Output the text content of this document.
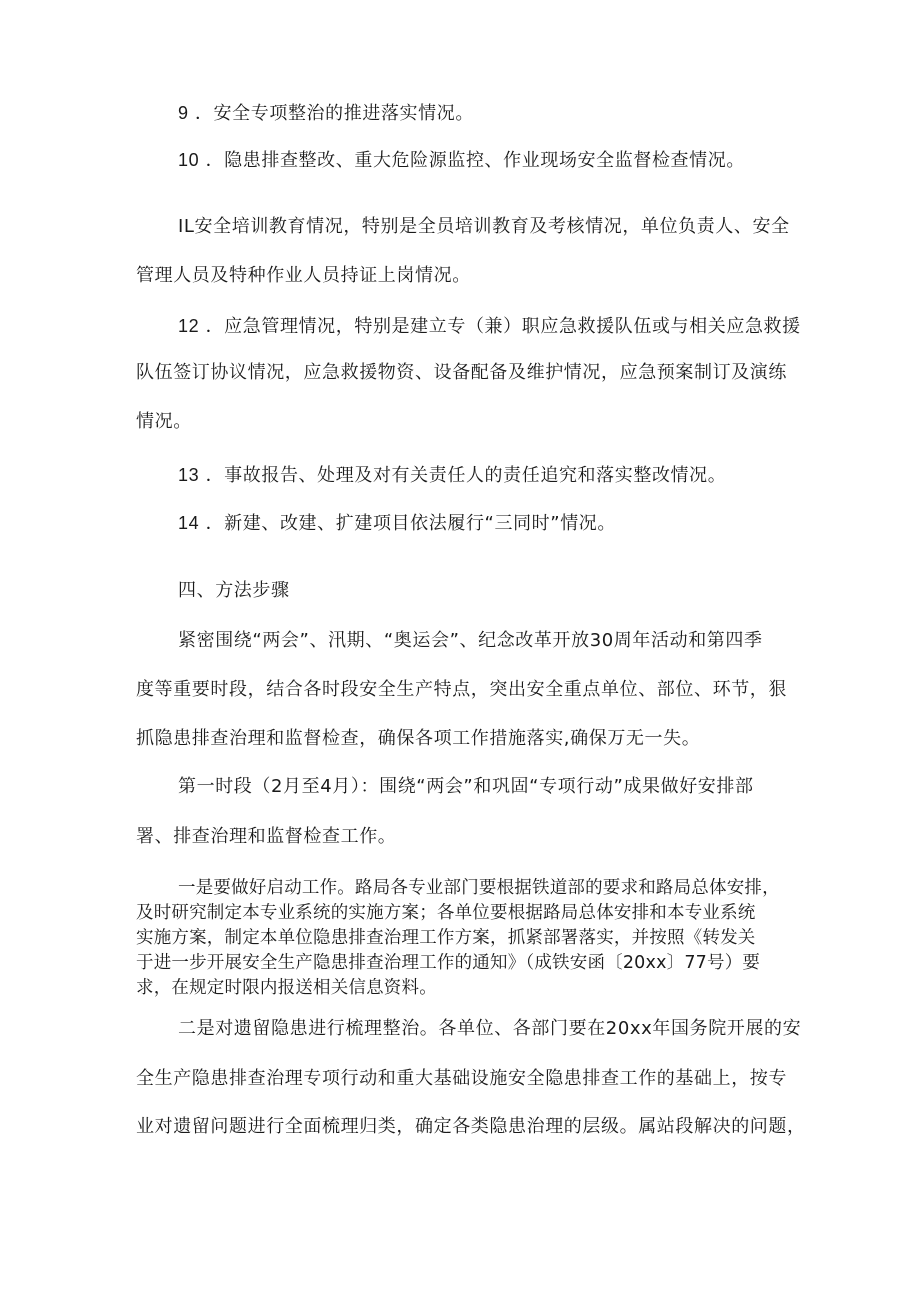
9 ．安全专项整治的推进落实情况。
10 ．隐患排查整改、重大危险源监控、作业现场安全监督检查情况。
IL安全培训教育情况，特别是全员培训教育及考核情况，单位负责人、安全
管理人员及特种作业人员持证上岗情况。
12 ．应急管理情况，特别是建立专（兼）职应急救援队伍或与相关应急救援
队伍签订协议情况，应急救援物资、设备配备及维护情况，应急预案制订及演练
情况。
13 ．事故报告、处理及对有关责任人的责任追究和落实整改情况。
14 ．新建、改建、扩建项目依法履行“三同时”情况。
四、方法步骤
紧密围绕“两会”、汛期、“奥运会”、纪念改革开放30周年活动和第四季
度等重要时段，结合各时段安全生产特点，突出安全重点单位、部位、环节，狠
抓隐患排查治理和监督检查，确保各项工作措施落实,确保万无一失。
第一时段（2月至4月）：围绕“两会”和巩固“专项行动”成果做好安排部
署、排查治理和监督检查工作。
一是要做好启动工作。路局各专业部门要根据铁道部的要求和路局总体安排，
及时研究制定本专业系统的实施方案；各单位要根据路局总体安排和本专业系统
实施方案，制定本单位隐患排查治理工作方案，抓紧部署落实，并按照《转发关
于进一步开展安全生产隐患排查治理工作的通知》（成铁安函〔20xx〕77号）要
求，在规定时限内报送相关信息资料。
二是对遗留隐患进行梳理整治。各单位、各部门要在20xx年国务院开展的安
全生产隐患排查治理专项行动和重大基础设施安全隐患排查工作的基础上，按专
业对遗留问题进行全面梳理归类，确定各类隐患治理的层级。属站段解决的问题，
